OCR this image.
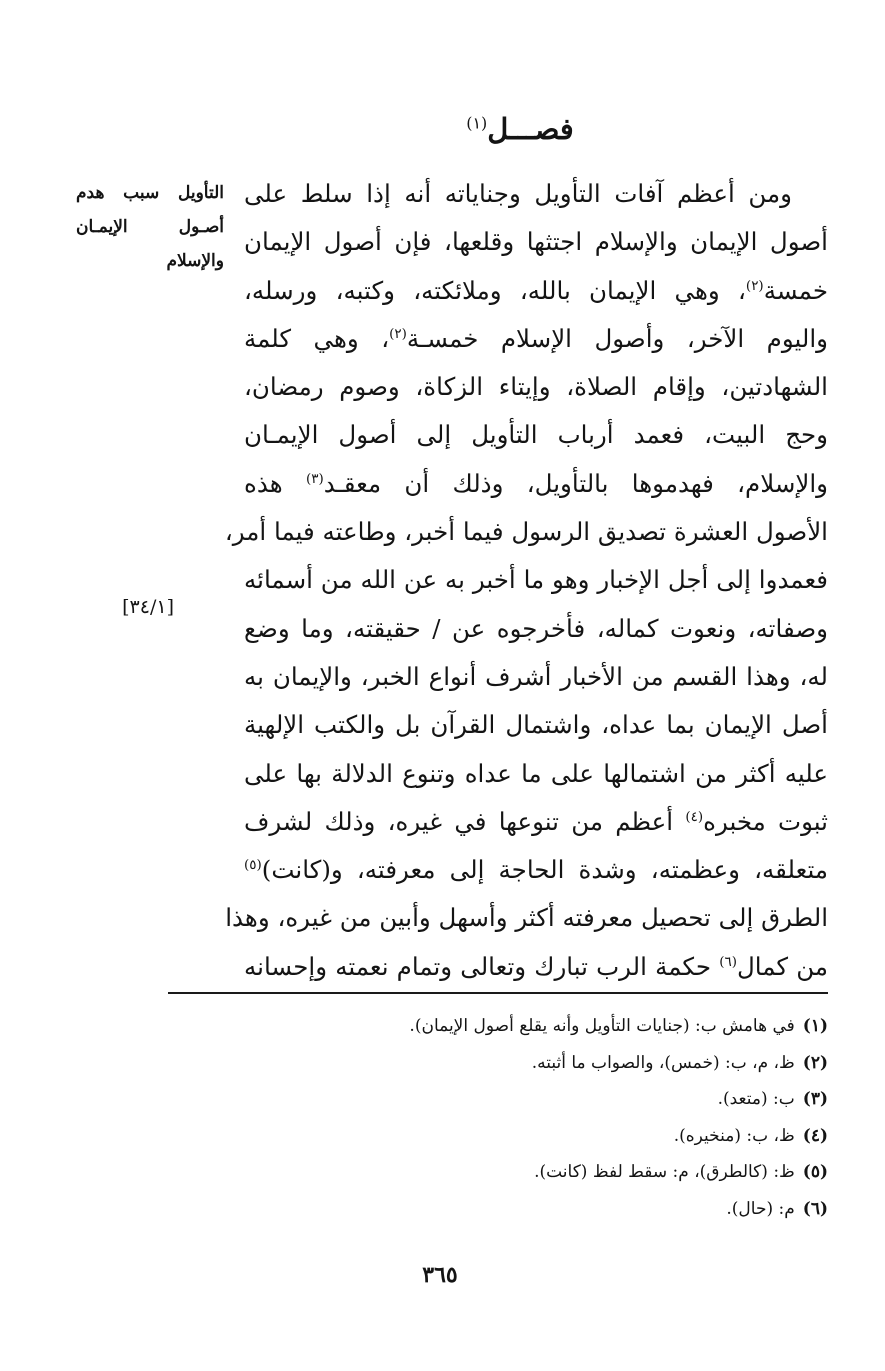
فصـــل$^{(١)}$
التأويل سبب هدم
أصـول الإيمـان
والإسلام
[٣٤/١]
ومن أعظم آفات التأويل وجناياته أنه إذا سلط على
أصول الإيمان والإسلام اجتثها وقلعها، فإن أصول الإيمان
خمسة$^{(٢)}$، وهي الإيمان بالله، وملائكته، وكتبه، ورسله،
واليوم الآخر، وأصول الإسلام خمسـة$^{(٢)}$، وهي كلمة
الشهادتين، وإقام الصلاة، وإيتاء الزكاة، وصوم رمضان،
وحج البيت، فعمد أرباب التأويل إلى أصول الإيمـان
والإسلام، فهدموها بالتأويل، وذلك أن معقـد$^{(٣)}$ هذه
الأصول العشرة تصديق الرسول فيما أخبر، وطاعته فيما أمر،
فعمدوا إلى أجل الإخبار وهو ما أخبر به عن الله من أسمائه
وصفاته، ونعوت كماله، فأخرجوه عن / حقيقته، وما وضع
له، وهذا القسم من الأخبار أشرف أنواع الخبر، والإيمان به
أصل الإيمان بما عداه، واشتمال القرآن بل والكتب الإلهية
عليه أكثر من اشتمالها على ما عداه وتنوع الدلالة بها على
ثبوت مخبره$^{(٤)}$ أعظم من تنوعها في غيره، وذلك لشرف
متعلقه، وعظمته، وشدة الحاجة إلى معرفته، و(كانت)$^{(٥)}$
الطرق إلى تحصيل معرفته أكثر وأسهل وأبين من غيره، وهذا
من كمال$^{(٦)}$ حكمة الرب تبارك وتعالى وتمام نعمته وإحسانه
(١)في هامش ب: (جنايات التأويل وأنه يقلع أصول الإيمان).
(٢)ظ، م، ب: (خمس)، والصواب ما أثبته.
(٣)ب: (متعد).
(٤)ظ، ب: (منخيره).
(٥)ظ: (كالطرق)، م: سقط لفظ (كانت).
(٦)م: (حال).
٣٦٥
